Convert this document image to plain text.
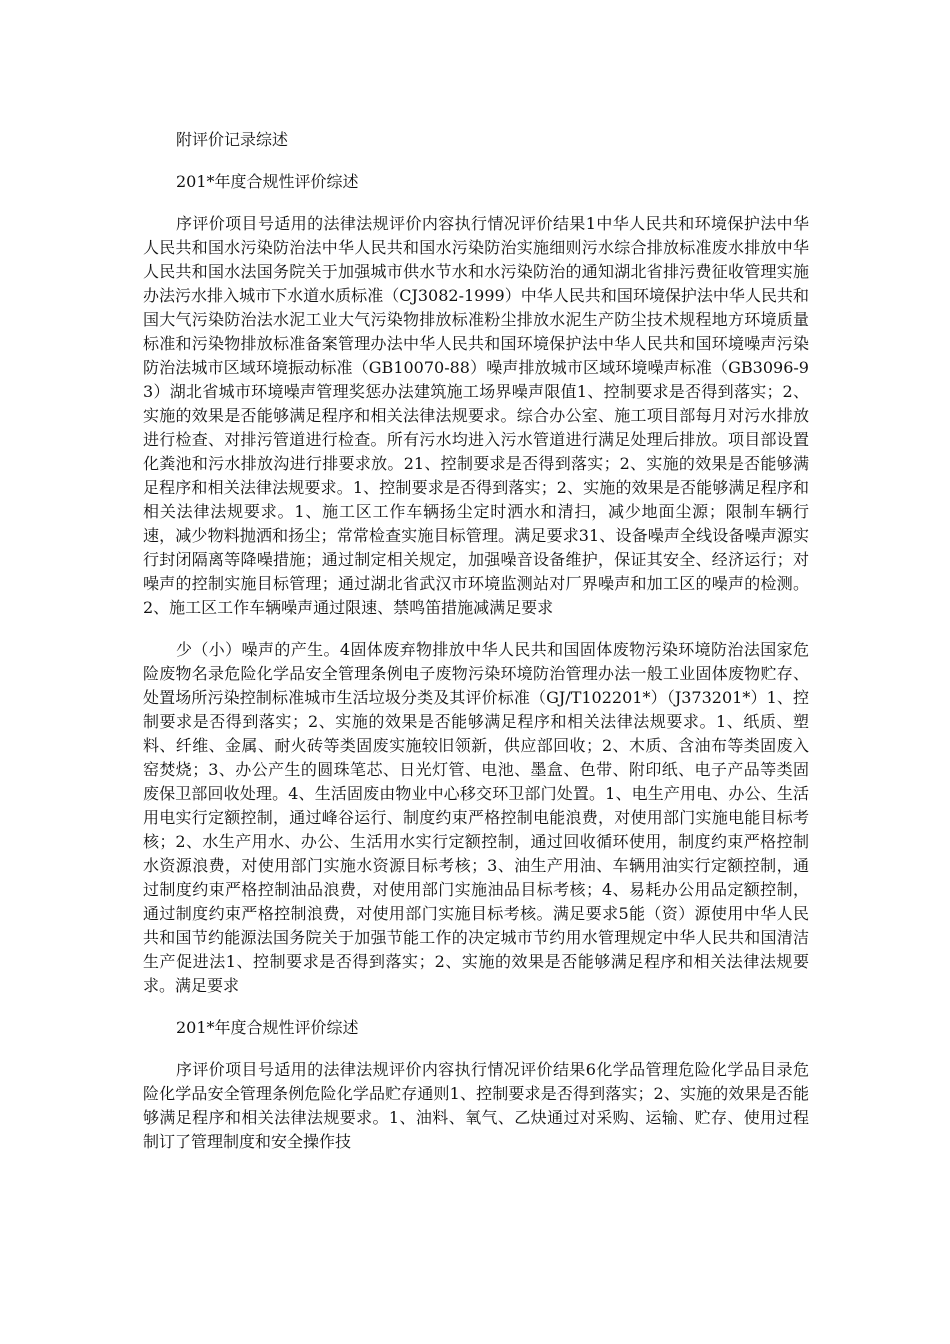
附评价记录综述

201*年度合规性评价综述

序评价项目号适用的法律法规评价内容执行情况评价结果1中华人民共和环境保护法中华人民共和国水污染防治法中华人民共和国水污染防治实施细则污水综合排放标准废水排放中华人民共和国水法国务院关于加强城市供水节水和水污染防治的通知湖北省排污费征收管理实施办法污水排入城市下水道水质标准（CJ3082-1999）中华人民共和国环境保护法中华人民共和国大气污染防治法水泥工业大气污染物排放标准粉尘排放水泥生产防尘技术规程地方环境质量标准和污染物排放标准备案管理办法中华人民共和国环境保护法中华人民共和国环境噪声污染防治法城市区域环境振动标准（GB10070-88）噪声排放城市区域环境噪声标准（GB3096-93）湖北省城市环境噪声管理奖惩办法建筑施工场界噪声限值1、控制要求是否得到落实；2、实施的效果是否能够满足程序和相关法律法规要求。综合办公室、施工项目部每月对污水排放进行检查、对排污管道进行检查。所有污水均进入污水管道进行满足处理后排放。项目部设置化粪池和污水排放沟进行排要求放。21、控制要求是否得到落实；2、实施的效果是否能够满足程序和相关法律法规要求。1、控制要求是否得到落实；2、实施的效果是否能够满足程序和相关法律法规要求。1、施工区工作车辆扬尘定时洒水和清扫，减少地面尘源；限制车辆行速，减少物料抛洒和扬尘；常常检查实施目标管理。满足要求31、设备噪声全线设备噪声源实行封闭隔离等降噪措施；通过制定相关规定，加强噪音设备维护，保证其安全、经济运行；对噪声的控制实施目标管理；通过湖北省武汉市环境监测站对厂界噪声和加工区的噪声的检测。2、施工区工作车辆噪声通过限速、禁鸣笛措施减满足要求

少（小）噪声的产生。4固体废弃物排放中华人民共和国固体废物污染环境防治法国家危险废物名录危险化学品安全管理条例电子废物污染环境防治管理办法一般工业固体废物贮存、处置场所污染控制标准城市生活垃圾分类及其评价标准（GJ/T102201*）（J373201*）1、控制要求是否得到落实；2、实施的效果是否能够满足程序和相关法律法规要求。1、纸质、塑料、纤维、金属、耐火砖等类固废实施较旧领新，供应部回收；2、木质、含油布等类固废入窑焚烧；3、办公产生的圆珠笔芯、日光灯管、电池、墨盒、色带、附印纸、电子产品等类固废保卫部回收处理。4、生活固废由物业中心移交环卫部门处置。1、电生产用电、办公、生活用电实行定额控制，通过峰谷运行、制度约束严格控制电能浪费，对使用部门实施电能目标考核；2、水生产用水、办公、生活用水实行定额控制，通过回收循环使用，制度约束严格控制水资源浪费，对使用部门实施水资源目标考核；3、油生产用油、车辆用油实行定额控制，通过制度约束严格控制油品浪费，对使用部门实施油品目标考核；4、易耗办公用品定额控制，通过制度约束严格控制浪费，对使用部门实施目标考核。满足要求5能（资）源使用中华人民共和国节约能源法国务院关于加强节能工作的决定城市节约用水管理规定中华人民共和国清洁生产促进法1、控制要求是否得到落实；2、实施的效果是否能够满足程序和相关法律法规要求。满足要求

201*年度合规性评价综述

序评价项目号适用的法律法规评价内容执行情况评价结果6化学品管理危险化学品目录危险化学品安全管理条例危险化学品贮存通则1、控制要求是否得到落实；2、实施的效果是否能够满足程序和相关法律法规要求。1、油料、氧气、乙炔通过对采购、运输、贮存、使用过程制订了管理制度和安全操作技
